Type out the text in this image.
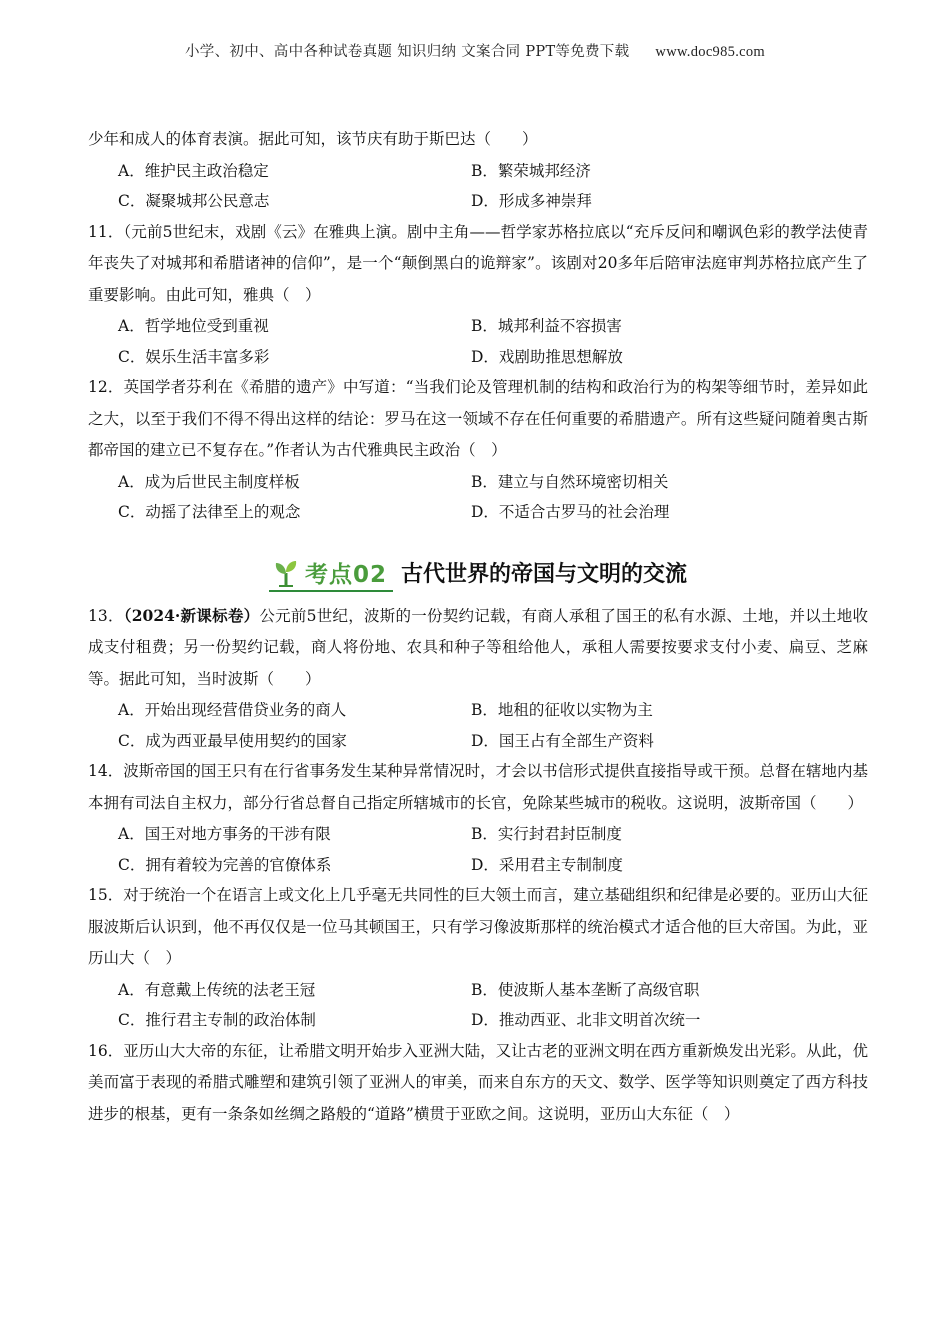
小学、初中、高中各种试卷真题 知识归纳 文案合同 PPT等免费下载 www.doc985.com

少年和成人的体育表演。据此可知，该节庆有助于斯巴达（　　）

A．维护民主政治稳定	B．繁荣城邦经济
C．凝聚城邦公民意志	D．形成多神崇拜

11．（元前5世纪末，戏剧《云》在雅典上演。剧中主角——哲学家苏格拉底以“充斥反问和嘲讽色彩的教学法使青年丧失了对城邦和希腊诸神的信仰”，是一个“颠倒黑白的诡辩家”。该剧对20多年后陪审法庭审判苏格拉底产生了重要影响。由此可知，雅典（　）

A．哲学地位受到重视	B．城邦利益不容损害
C．娱乐生活丰富多彩	D．戏剧助推思想解放

12．英国学者芬利在《希腊的遗产》中写道：“当我们论及管理机制的结构和政治行为的构架等细节时，差异如此之大，以至于我们不得不得出这样的结论：罗马在这一领域不存在任何重要的希腊遗产。所有这些疑问随着奥古斯都帝国的建立已不复存在。”作者认为古代雅典民主政治（　）

A．成为后世民主制度样板	B．建立与自然环境密切相关
C．动摇了法律至上的观念	D．不适合古罗马的社会治理
考点02 古代世界的帝国与文明的交流

13．（2024·新课标卷）公元前5世纪，波斯的一份契约记载，有商人承租了国王的私有水源、土地，并以土地收成支付租费；另一份契约记载，商人将份地、农具和种子等租给他人，承租人需要按要求支付小麦、扁豆、芝麻等。据此可知，当时波斯（　　）

A．开始出现经营借贷业务的商人	B．地租的征收以实物为主
C．成为西亚最早使用契约的国家	D．国王占有全部生产资料

14．波斯帝国的国王只有在行省事务发生某种异常情况时，才会以书信形式提供直接指导或干预。总督在辖地内基本拥有司法自主权力，部分行省总督自己指定所辖城市的长官，免除某些城市的税收。这说明，波斯帝国（　　）

A．国王对地方事务的干涉有限	B．实行封君封臣制度
C．拥有着较为完善的官僚体系	D．采用君主专制制度

15．对于统治一个在语言上或文化上几乎毫无共同性的巨大领土而言，建立基础组织和纪律是必要的。亚历山大征服波斯后认识到，他不再仅仅是一位马其顿国王，只有学习像波斯那样的统治模式才适合他的巨大帝国。为此，亚历山大（　）

A．有意戴上传统的法老王冠	B．使波斯人基本垄断了高级官职
C．推行君主专制的政治体制	D．推动西亚、北非文明首次统一

16．亚历山大大帝的东征，让希腊文明开始步入亚洲大陆，又让古老的亚洲文明在西方重新焕发出光彩。从此，优美而富于表现的希腊式雕塑和建筑引领了亚洲人的审美，而来自东方的天文、数学、医学等知识则奠定了西方科技进步的根基，更有一条条如丝绸之路般的“道路”横贯于亚欧之间。这说明，亚历山大东征（　）
